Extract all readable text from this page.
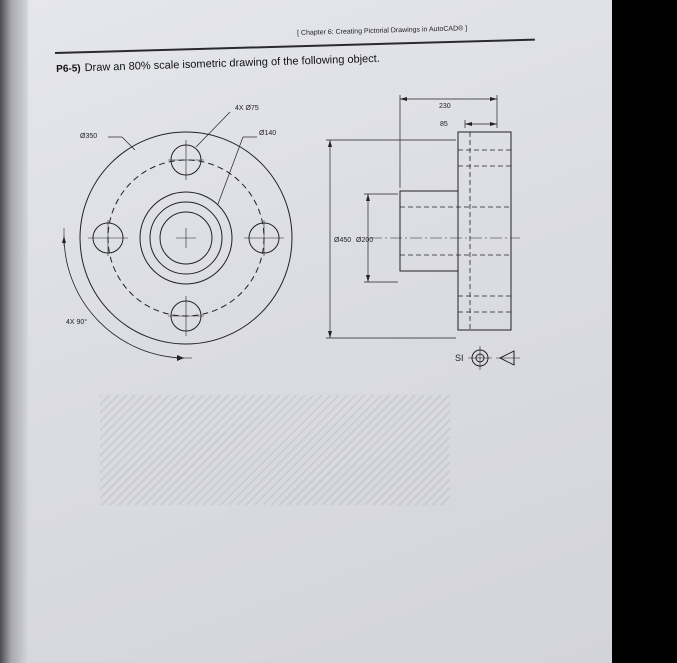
[ Chapter 6: Creating Pictorial Drawings in AutoCAD® ]
P6-5) Draw an 80% scale isometric drawing of the following object.
4X Ø75
Ø140
Ø350
4X 90°
230
85
Ø450 Ø200
SI
